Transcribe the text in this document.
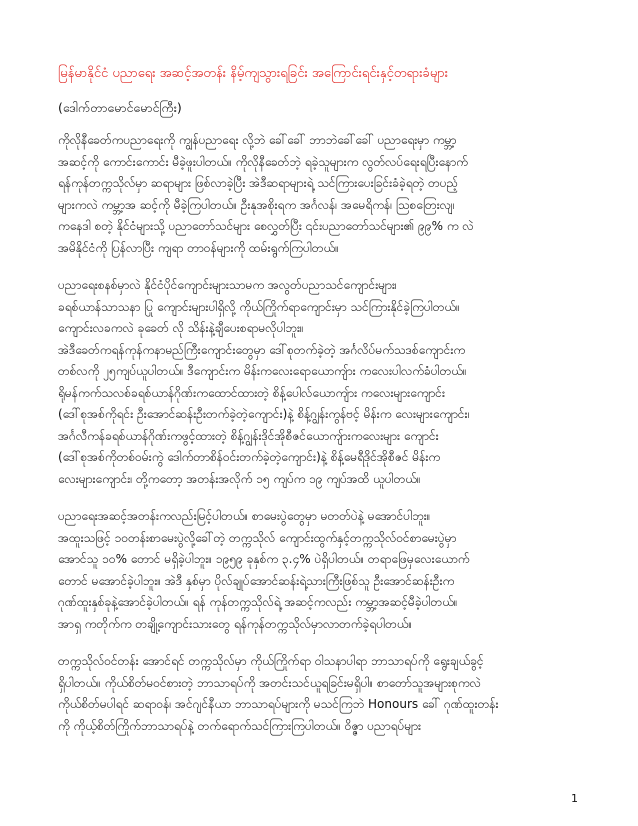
မြန်မာနိုင်ငံ ပညာရေး အဆင့်အတန်း နိမ့်ကျသွားရခြင်း အကြောင်းရင်းနှင့်တရားခံများ
(ဒေါက်တာမောင်မောင်ကြီး)
ကိုလိုနီခေတ်ကပညာရေးကို ကျွန်ပညာရေး လို့ဘဲ ခေါ်ခေါ် ဘာဘဲခေါ်ခေါ် ပညာရေးမှာ ကမ္ဘာ့
အဆင့်ကို ကောင်းကောင်း မီခဲ့ဖူးပါတယ်။ ကိုလိုနီခေတ်ဘဲ့ ရခဲ့သူများက လွတ်လပ်ရေးရပြီးနောက်
ရန်ကုန်တက္ကသိုလ်မှာ ဆရာများ ဖြစ်လာခဲ့ပြီး အဲဒီဆရာများရဲ့ သင်ကြားပေးခြင်းခံခဲ့ရတဲ့ တပည့်
များကလဲ ကမ္ဘာ့အ ဆင့်ကို မီခဲ့ကြပါတယ်။ ဦးနုအစိုးရက အင်္ဂလန်၊ အမေရိကန်၊ ဩစတြေးလျ၊
ကနေဒါ စတဲ့ နိုင်ငံများသို့ ပညာတော်သင်များ စေလွှတ်ပြီး ၎င်းပညာတော်သင်များ၏ ၉၉% က လဲ
အမိနိုင်ငံကို ပြန်လာပြီး ကျရာ တာဝန်များကို ထမ်းရွက်ကြပါတယ်။
ပညာရေးစနစ်မှာလဲ နိုင်ငံပိုင်ကျောင်းများသာမက အလွတ်ပညာသင်ကျောင်းများ၊
ခရစ်ယာန်သာသနာ ပြု ကျောင်းများပါရှိလို့ ကိုယ်ကြိုက်ရာကျောင်းမှာ သင်ကြားနိုင်ခဲ့ကြပါတယ်။
ကျောင်းလခကလဲ ခုခေတ် လို သိန်းနဲ့ချီပေးစရာမလိုပါဘူး။
အဲဒီခေတ်ကရန်ကုန်ကနာမည်ကြီးကျောင်းတွေမှာ ဒေါ်စုတက်ခဲ့တဲ့ အင်္ဂလိပ်မက်သဒစ်ကျောင်းက
တစ်လကို ၂၅ကျပ်ယူပါတယ်။ ဒီကျောင်းက မိန်းကလေးရောယောကျ်ား ကလေးပါလက်ခံပါတယ်။
ရိုမန်ကက်သလစ်ခရစ်ယာန်ဂိုဏ်းကထောင်ထားတဲ့ စိန့်ပေါလ်ယောကျ်ား ကလေးများကျောင်း
(ဒေါ်စုအစ်ကိုရင်း ဦးအောင်ဆန်းဦးတက်ခဲ့တဲ့ကျောင်း)နဲ့ စိန့်ဂျွန်းကွန်ဗင့် မိန်းက လေးများကျောင်း၊
အင်္ဂလီကန်ခရစ်ယာန်ဂိုဏ်းကဖွင့်ထားတဲ့ စိန့်ဂျွန်းဒိုင်အိုစီဇင်ယောကျ်ားကလေးများ ကျောင်း
(ဒေါ်စုအစ်ကိုတစ်ဝမ်းကွဲ ဒေါက်တာစိန်ဝင်းတက်ခဲ့တဲ့ကျောင်း)နဲ့ စိန့်မေရီဒိုင်အိုစီဇင် မိန်းက
လေးများကျောင်း၊ တို့ကတော့ အတန်းအလိုက် ၁၅ ကျပ်က ၁၉ ကျပ်အထိ ယူပါတယ်။
ပညာရေးအဆင့်အတန်းကလည်းမြင့်ပါတယ်။ စာမေးပွဲတွေမှာ မတတ်ပဲနဲ့ မအောင်ပါဘူး။
အထူးသဖြင့် ၁၀တန်းစာမေးပွဲလို့ခေါ်တဲ့ တက္ကသိုလ် ကျောင်းထွက်နှင့်တက္ကသိုလ်ဝင်စာမေးပွဲမှာ
အောင်သူ ၁၀% တောင် မရှိခဲ့ပါဘူး။ ၁၉၅၉ ခုနှစ်က ၃.၄% ပဲရှိပါတယ်။ တရာဖြေမှလေးယောက်
တောင် မအောင်ခဲ့ပါဘူး။ အဲဒီ နှစ်မှာ ပိုလ်ချုပ်အောင်ဆန်းရဲ့သားကြီးဖြစ်သူ ဦးအောင်ဆန်းဦးက
ဂုဏ်ထူးနှစ်ခုနဲ့အောင်ခဲ့ပါတယ်။ ရန် ကုန်တက္ကသိုလ်ရဲ့ အဆင့်ကလည်း ကမ္ဘာ့အဆင့်မီခဲ့ပါတယ်။
အာရှ ကတိုက်က တချို့ကျောင်းသားတွေ ရန်ကုန်တက္ကသိုလ်မှာလာတက်ခဲ့ရပါတယ်။
တက္ကသိုလ်ဝင်တန်း အောင်ရင် တက္ကသိုလ်မှာ ကိုယ်ကြိုက်ရာ ဝါသနာပါရာ ဘာသာရပ်ကို ရွေးချယ်ခွင့်
ရှိပါတယ်။ ကိုယ်စိတ်မဝင်စားတဲ့ ဘာသာရပ်ကို အတင်းသင်ယူရခြင်းမရှိပါ။ စာတော်သူအများစုကလဲ
ကိုယ်စိတ်မပါရင် ဆရာဝန်၊ အင်ဂျင်နီယာ ဘာသာရပ်များကို မသင်ကြဘဲ Honours ခေါ် ဂုဏ်ထူးတန်း
ကို ကိုယ့်စိတ်ကြိုက်ဘာသာရပ်နဲ့ တက်ရောက်သင်ကြားကြပါတယ်။ ဝိဇ္ဇာ ပညာရပ်များ
1
